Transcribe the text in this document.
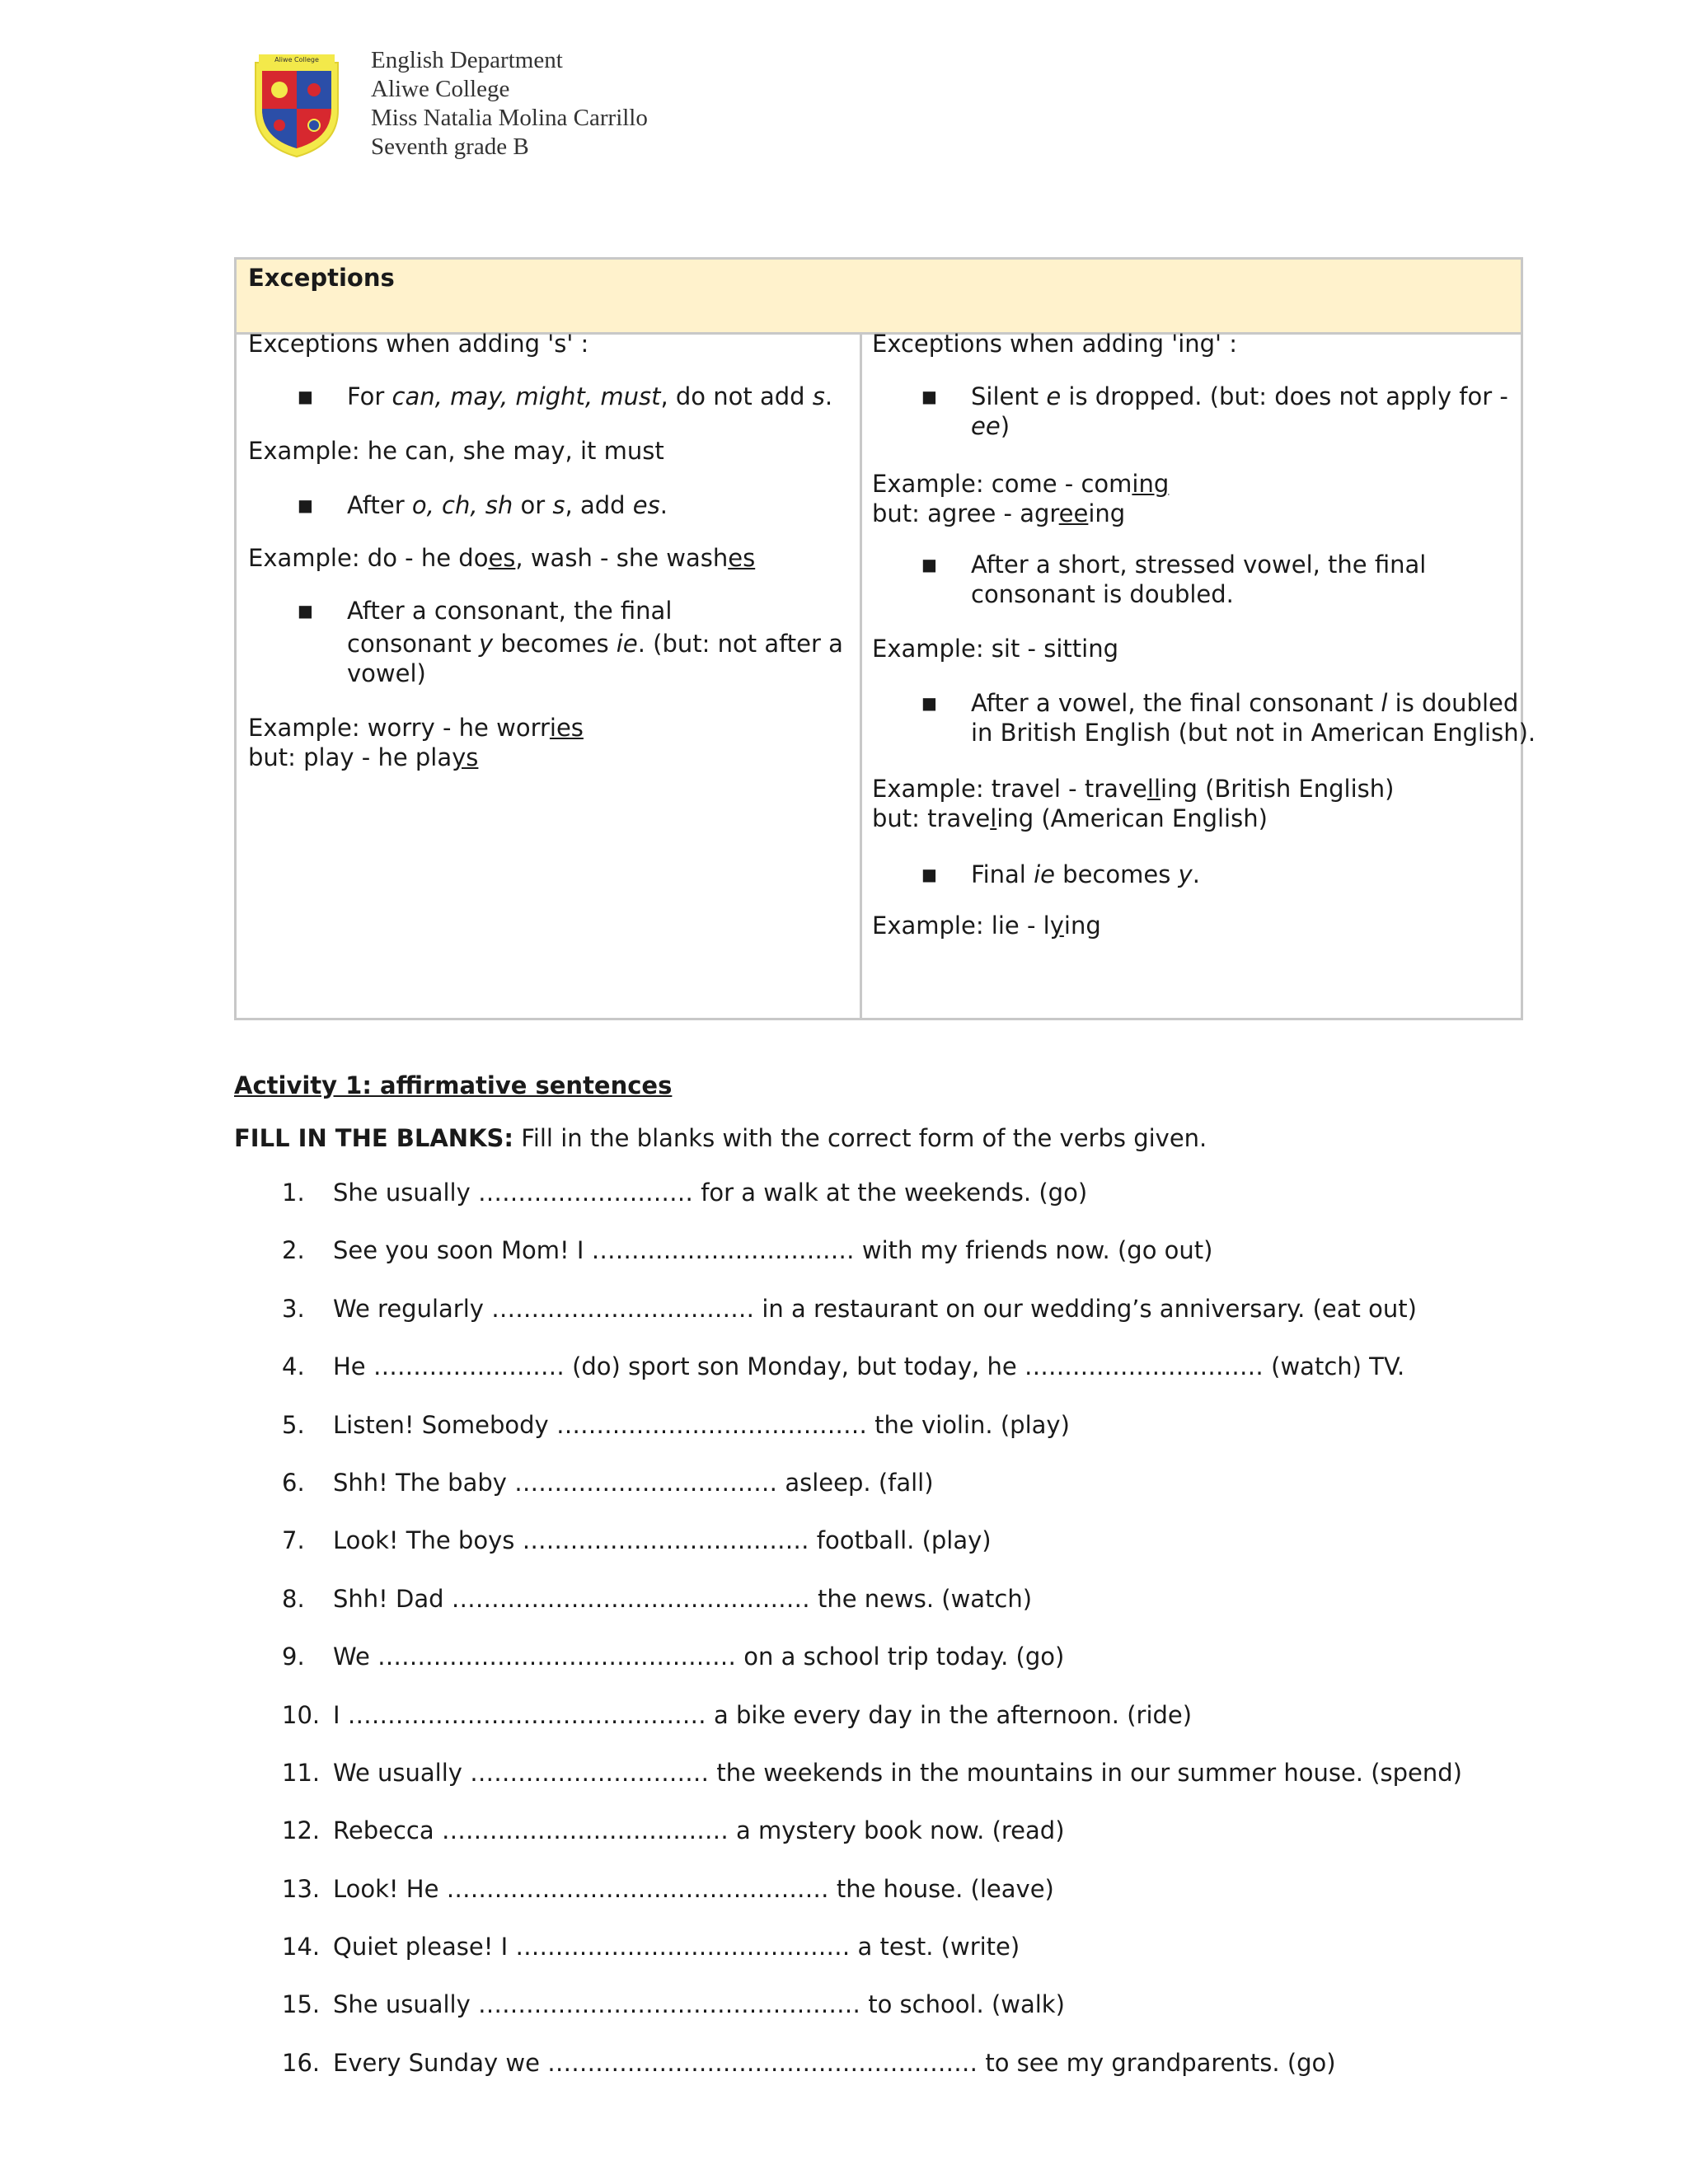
Aliwe College English Department
Aliwe College
Miss Natalia Molina Carrillo
Seventh grade B
Exceptions
Exceptions when adding 's' :
■ For can, may, might, must, do not add s.
Example: he can, she may, it must
■ After o, ch, sh or s, add es.
Example: do - he does, wash - she washes
■ After a consonant, the final
consonant y becomes ie. (but: not after a
vowel)
Example: worry - he worries
but: play - he plays
Exceptions when adding 'ing' :
■ Silent e is dropped. (but: does not apply for -
ee)
Example: come - coming
but: agree - agreeing
■ After a short, stressed vowel, the final
consonant is doubled.
Example: sit - sitting
■ After a vowel, the final consonant l is doubled
in British English (but not in American English).
Example: travel - travelling (British English)
but: traveling (American English)
■ Final ie becomes y.
Example: lie - lying
Activity 1: affirmative sentences
FILL IN THE BLANKS: Fill in the blanks with the correct form of the verbs given.
1.	She usually ……………………… for a walk at the weekends. (go)
2.	See you soon Mom! I …………………………… with my friends now. (go out)
3.	We regularly …………………………… in a restaurant on our wedding’s anniversary. (eat out)
4.	He …………………… (do) sport son Monday, but today, he ………………………… (watch) TV.
5.	Listen! Somebody ………………………………… the violin. (play)
6.	Shh! The baby …………………………… asleep. (fall)
7.	Look! The boys ……………………………… football. (play)
8.	Shh! Dad ……………………………………… the news. (watch)
9.	We ……………………………………… on a school trip today. (go)
10. I ……………………………………… a bike every day in the afternoon. (ride)
11. We usually ………………………… the weekends in the mountains in our summer house. (spend)
12. Rebecca ……………………………… a mystery book now. (read)
13. Look! He ………………………………………… the house. (leave)
14. Quiet please! I …………………………………… a test. (write)
15. She usually ………………………………………… to school. (walk)
16. Every Sunday we ……………………………………………… to see my grandparents. (go)
